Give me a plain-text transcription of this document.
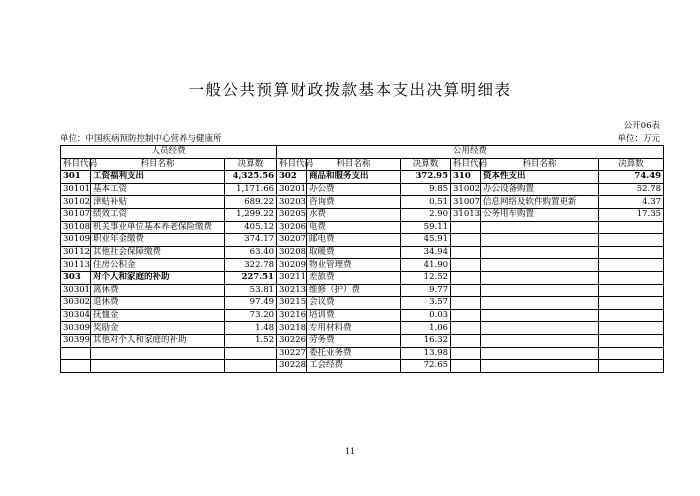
一般公共预算财政拨款基本支出决算明细表
公开06表
单位：中国疾病预防控制中心营养与健康所	单位：万元
人员经费			公用经费					
科目代码	科目名称	决算数	科目代码	科目名称	决算数	科目代码	科目名称	决算数
301	工资福利支出	4,325.56	302	商品和服务支出	372.95	310	资本性支出	74.49
30101	基本工资	1,171.66	30201	办公费	9.85	31002	办公设备购置	52.78
30102	津贴补贴	689.22	30203	咨询费	0.51	31007	信息网络及软件购置更新	4.37
30107	绩效工资	1,299.22	30205	水费	2.90	31013	公务用车购置	17.35
30108	机关事业单位基本养老保险缴费	405.12	30206	电费	59.11			
30109	职业年金缴费	374.17	30207	邮电费	45.91			
30112	其他社会保障缴费	63.40	30208	取暖费	34.94			
30113	住房公积金	322.78	30209	物业管理费	41.90			
303	对个人和家庭的补助	227.51	30211	差旅费	12.52			
30301	离休费	53.81	30213	维修（护）费	9.77			
30302	退休费	97.49	30215	会议费	3.57			
30304	抚恤金	73.20	30216	培训费	0.03			
30309	奖励金	1.48	30218	专用材料费	1.06			
30399	其他对个人和家庭的补助	1.52	30226	劳务费	16.32			
			30227	委托业务费	13.98			
			30228	工会经费	72.65			
11
